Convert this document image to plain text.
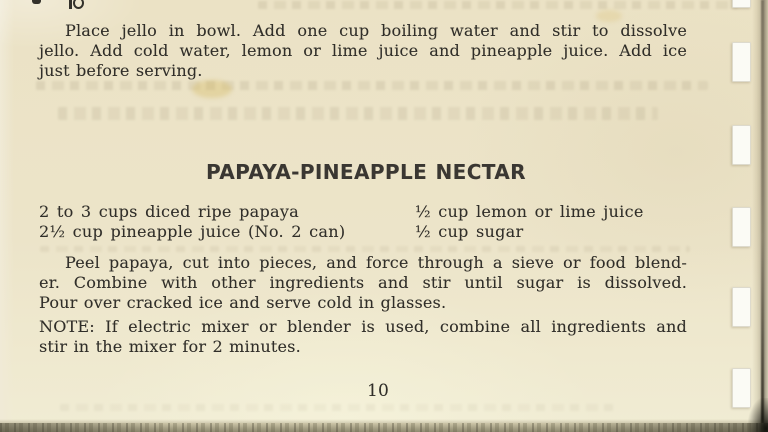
Place jello in bowl. Add one cup boiling water and stir to dissolve
jello. Add cold water, lemon or lime juice and pineapple juice. Add ice
just before serving.
PAPAYA-PINEAPPLE NECTAR
2 to 3 cups diced ripe papaya
2½ cup pineapple juice (No. 2 can)
½ cup lemon or lime juice
½ cup sugar
Peel papaya, cut into pieces, and force through a sieve or food blend-
er. Combine with other ingredients and stir until sugar is dissolved.
Pour over cracked ice and serve cold in glasses.
NOTE: If electric mixer or blender is used, combine all ingredients and
stir in the mixer for 2 minutes.
10
